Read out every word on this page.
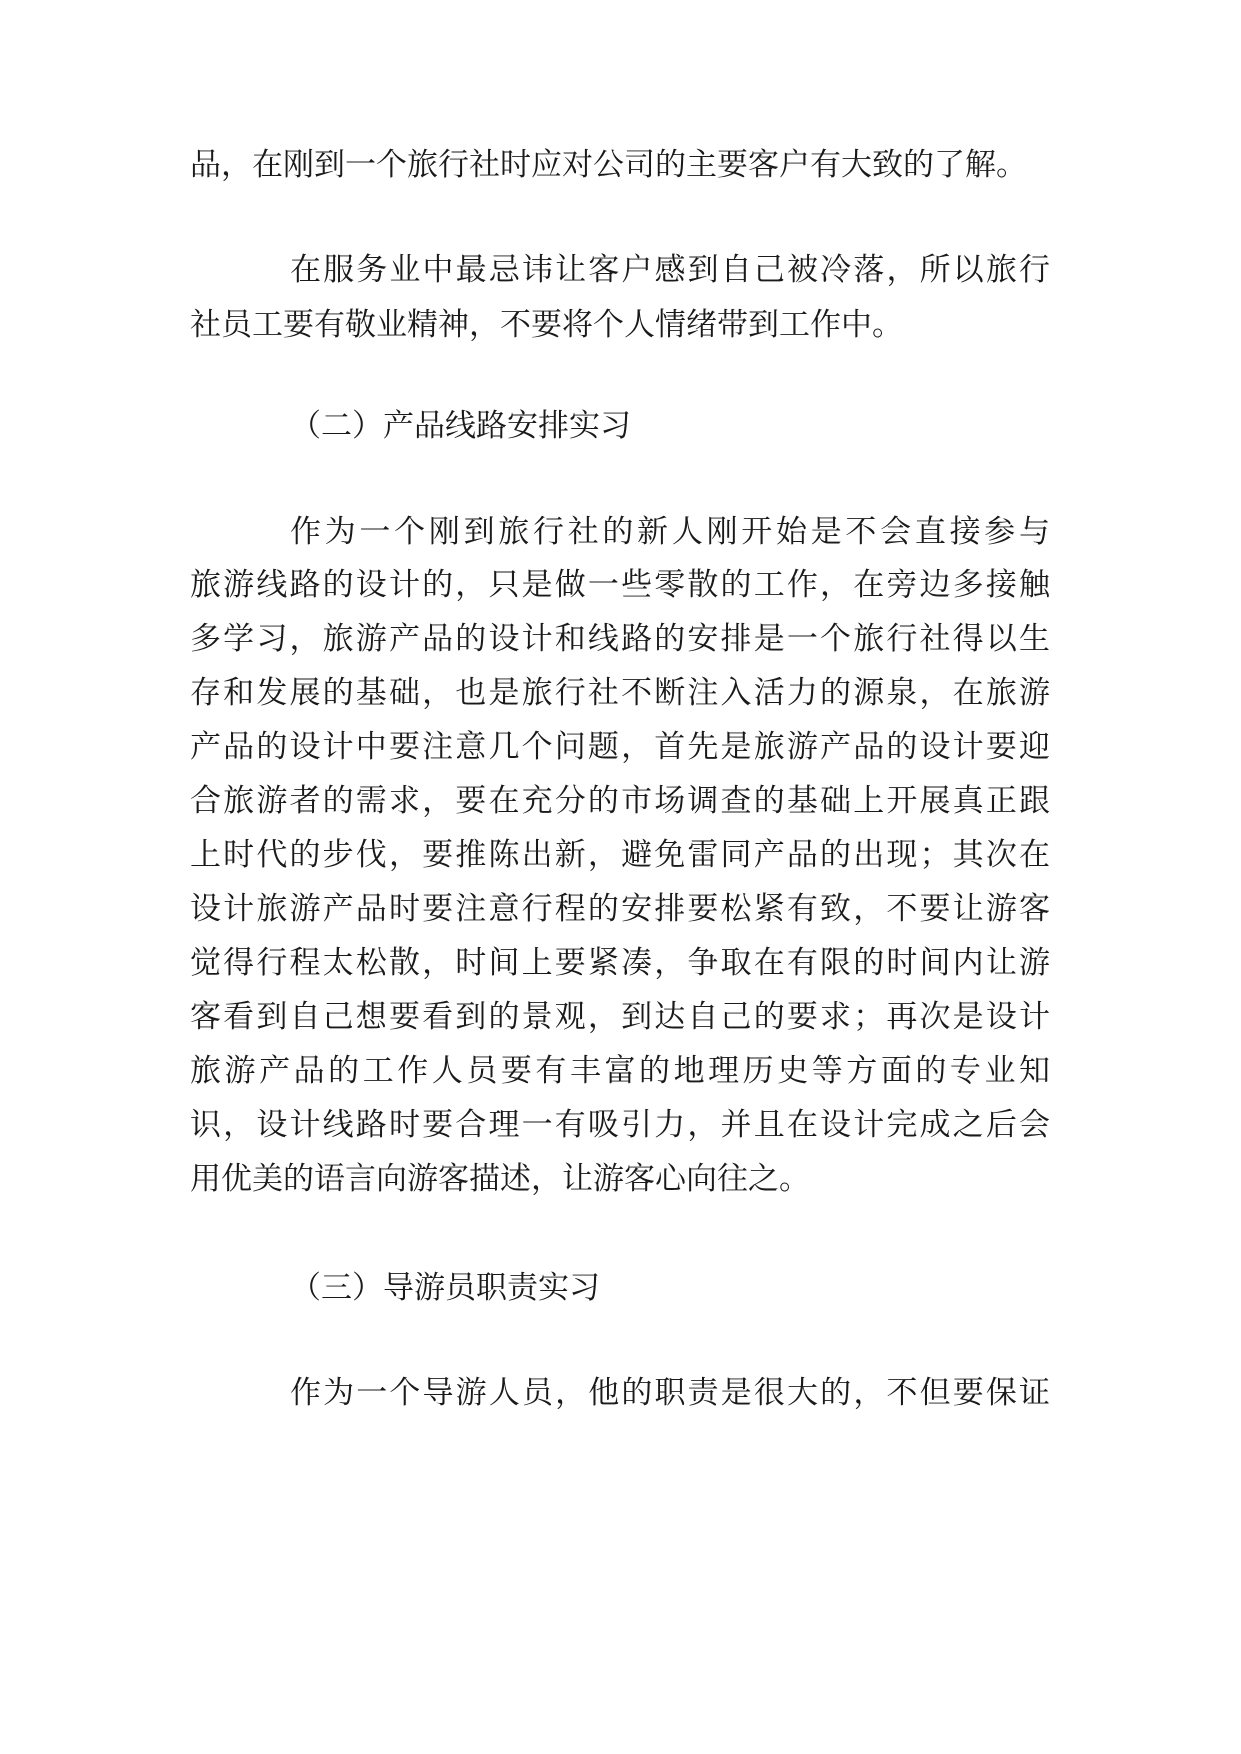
品，在刚到一个旅行社时应对公司的主要客户有大致的了解。
在服务业中最忌讳让客户感到自己被冷落，所以旅行
社员工要有敬业精神，不要将个人情绪带到工作中。
（二）产品线路安排实习
作为一个刚到旅行社的新人刚开始是不会直接参与
旅游线路的设计的，只是做一些零散的工作，在旁边多接触
多学习，旅游产品的设计和线路的安排是一个旅行社得以生
存和发展的基础，也是旅行社不断注入活力的源泉，在旅游
产品的设计中要注意几个问题，首先是旅游产品的设计要迎
合旅游者的需求，要在充分的市场调查的基础上开展真正跟
上时代的步伐，要推陈出新，避免雷同产品的出现；其次在
设计旅游产品时要注意行程的安排要松紧有致，不要让游客
觉得行程太松散，时间上要紧凑，争取在有限的时间内让游
客看到自己想要看到的景观，到达自己的要求；再次是设计
旅游产品的工作人员要有丰富的地理历史等方面的专业知
识，设计线路时要合理一有吸引力，并且在设计完成之后会
用优美的语言向游客描述，让游客心向往之。
（三）导游员职责实习
作为一个导游人员，他的职责是很大的，不但要保证
